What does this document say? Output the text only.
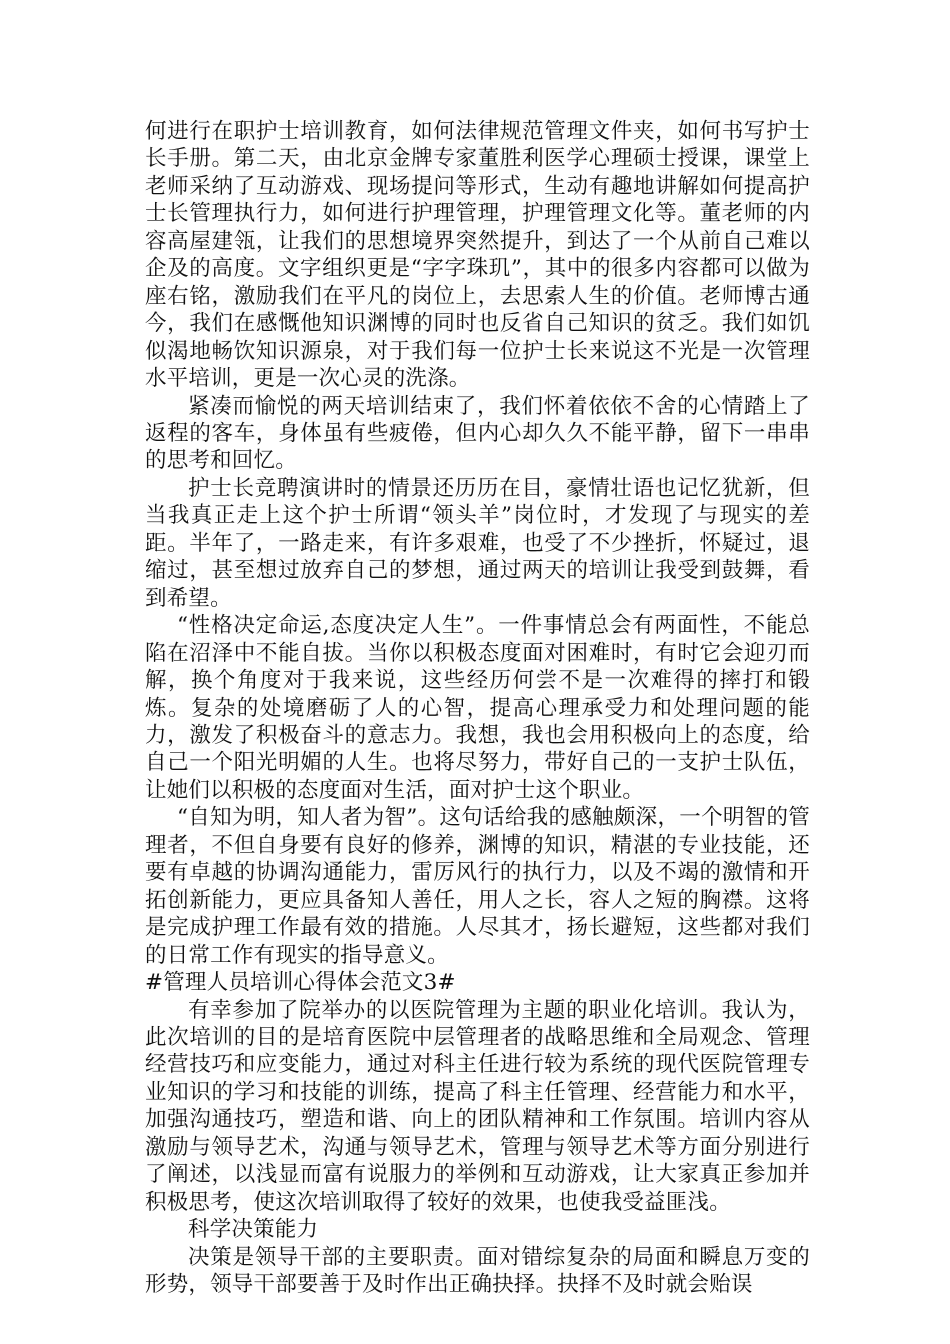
何进行在职护士培训教育，如何法律规范管理文件夹，如何书写护士长手册。第二天，由北京金牌专家董胜利医学心理硕士授课，课堂上老师采纳了互动游戏、现场提问等形式，生动有趣地讲解如何提高护士长管理执行力，如何进行护理管理，护理管理文化等。董老师的内容高屋建瓴，让我们的思想境界突然提升，到达了一个从前自己难以企及的高度。文字组织更是“字字珠玑”，其中的很多内容都可以做为座右铭，激励我们在平凡的岗位上，去思索人生的价值。老师博古通今，我们在感慨他知识渊博的同时也反省自己知识的贫乏。我们如饥似渴地畅饮知识源泉，对于我们每一位护士长来说这不光是一次管理水平培训，更是一次心灵的洗涤。

紧凑而愉悦的两天培训结束了，我们怀着依依不舍的心情踏上了返程的客车，身体虽有些疲倦，但内心却久久不能平静，留下一串串的思考和回忆。

护士长竞聘演讲时的情景还历历在目，豪情壮语也记忆犹新，但当我真正走上这个护士所谓“领头羊”岗位时，才发现了与现实的差距。半年了，一路走来，有许多艰难，也受了不少挫折，怀疑过，退缩过，甚至想过放弃自己的梦想，通过两天的培训让我受到鼓舞，看到希望。

“性格决定命运,态度决定人生”。一件事情总会有两面性，不能总陷在沼泽中不能自拔。当你以积极态度面对困难时，有时它会迎刃而解，换个角度对于我来说，这些经历何尝不是一次难得的摔打和锻炼。复杂的处境磨砺了人的心智，提高心理承受力和处理问题的能力，激发了积极奋斗的意志力。我想，我也会用积极向上的态度，给自己一个阳光明媚的人生。也将尽努力，带好自己的一支护士队伍，让她们以积极的态度面对生活，面对护士这个职业。

“自知为明，知人者为智”。这句话给我的感触颇深，一个明智的管理者，不但自身要有良好的修养，渊博的知识，精湛的专业技能，还要有卓越的协调沟通能力，雷厉风行的执行力，以及不竭的激情和开拓创新能力，更应具备知人善任，用人之长，容人之短的胸襟。这将是完成护理工作最有效的措施。人尽其才，扬长避短，这些都对我们的日常工作有现实的指导意义。

#管理人员培训心得体会范文3#

有幸参加了院举办的以医院管理为主题的职业化培训。我认为，此次培训的目的是培育医院中层管理者的战略思维和全局观念、管理经营技巧和应变能力，通过对科主任进行较为系统的现代医院管理专业知识的学习和技能的训练，提高了科主任管理、经营能力和水平，加强沟通技巧，塑造和谐、向上的团队精神和工作氛围。培训内容从激励与领导艺术，沟通与领导艺术，管理与领导艺术等方面分别进行了阐述，以浅显而富有说服力的举例和互动游戏，让大家真正参加并积极思考，使这次培训取得了较好的效果，也使我受益匪浅。

科学决策能力

决策是领导干部的主要职责。面对错综复杂的局面和瞬息万变的形势，领导干部要善于及时作出正确抉择。抉择不及时就会贻误
